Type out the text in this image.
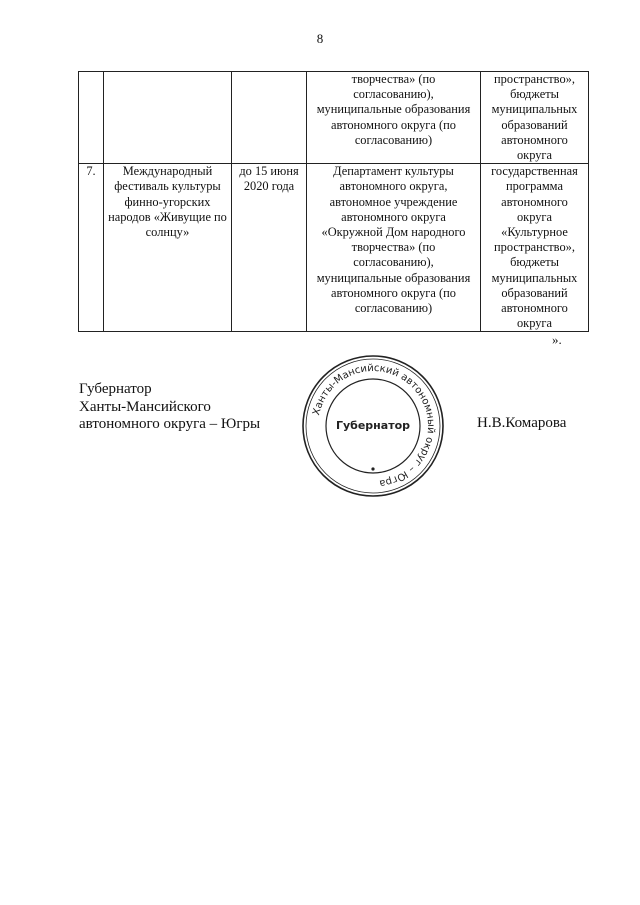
8
			творчества» (по согласованию), муниципальные образования автономного округа (по согласованию)	пространство», бюджеты муниципальных образований автономного округа
7.	Международный фестиваль культуры финно-угорских народов «Живущие по солнцу»	до 15 июня 2020 года	Департамент культуры автономного округа, автономное учреждение автономного округа «Окружной Дом народного творчества» (по согласованию), муниципальные образования автономного округа (по согласованию)	государственная программа автономного округа «Культурное пространство», бюджеты муниципальных образований автономного округа
».
Губернатор
Ханты-Мансийского
автономного округа – Югры	Н.В.Комарова
Ханты-Мансийский автономный округ – Югра
Губернатор
